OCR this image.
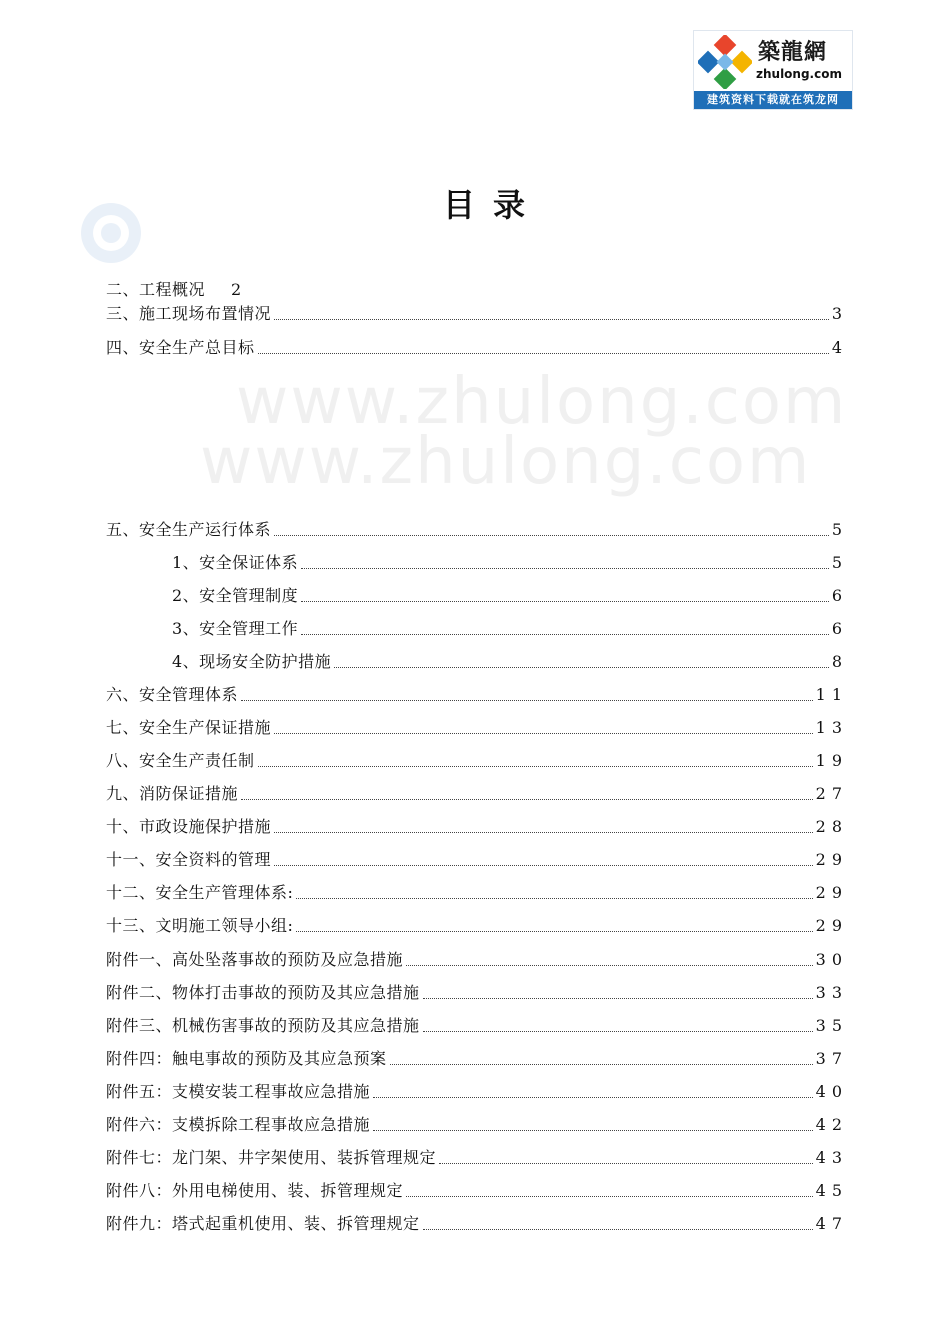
築龍網
zhulong.com
建筑资料下载就在筑龙网
www.zhulong.com
www.zhulong.com
目录
二、工程概况 2
三、施工现场布置情况	3
四、安全生产总目标	4
五、安全生产运行体系	5
1、安全保证体系	5
2、安全管理制度	6
3、安全管理工作	6
4、现场安全防护措施	8
六、安全管理体系	11
七、安全生产保证措施	13
八、安全生产责任制	19
九、消防保证措施	27
十、市政设施保护措施	28
十一、安全资料的管理	29
十二、安全生产管理体系:	29
十三、文明施工领导小组:	29
附件一、高处坠落事故的预防及应急措施	30
附件二、物体打击事故的预防及其应急措施	33
附件三、机械伤害事故的预防及其应急措施	35
附件四：触电事故的预防及其应急预案	37
附件五：支模安装工程事故应急措施	40
附件六：支模拆除工程事故应急措施	42
附件七：龙门架、井字架使用、装拆管理规定	43
附件八：外用电梯使用、装、拆管理规定	45
附件九：塔式起重机使用、装、拆管理规定	47
